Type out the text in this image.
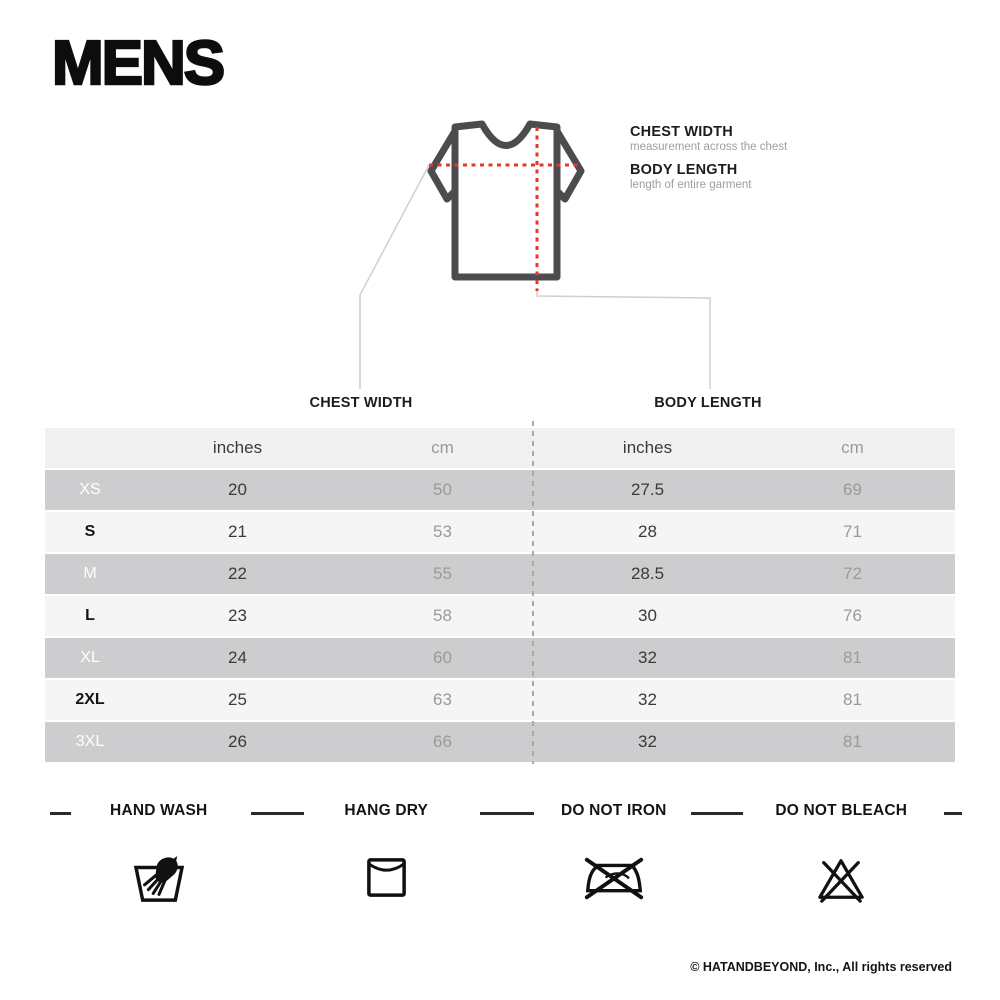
MENS
CHEST WIDTH
measurement across the chest
BODY LENGTH
length of entire garment
CHEST WIDTH	BODY LENGTH
inches	cm	inches	cm
XS	20	50	27.5	69
S	21	53	28	71
M	22	55	28.5	72
L	23	58	30	76
XL	24	60	32	81
2XL	25	63	32	81
3XL	26	66	32	81
HAND WASH	HANG DRY	DO NOT IRON	DO NOT BLEACH
© HATANDBEYOND, Inc., All rights reserved
